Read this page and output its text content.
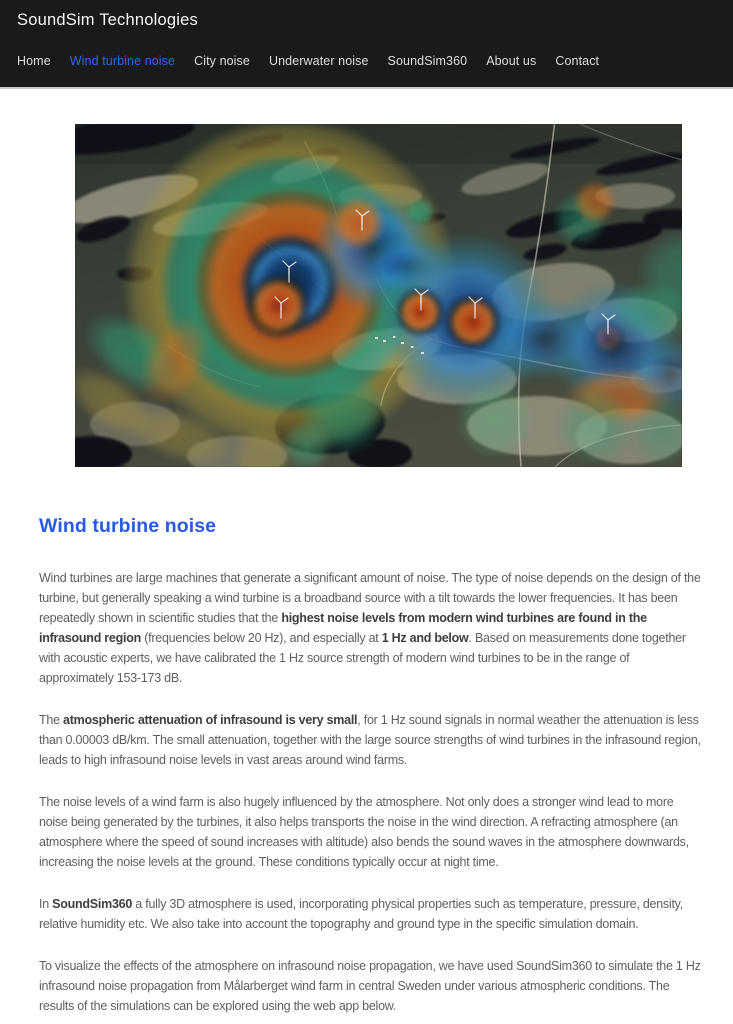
SoundSim Technologies
Home Wind turbine noise City noise Underwater noise SoundSim360 About us Contact
Wind turbine noise

Wind turbines are large machines that generate a significant amount of noise. The type of noise depends on the design of the turbine, but generally speaking a wind turbine is a broadband source with a tilt towards the lower frequencies. It has been repeatedly shown in scientific studies that the highest noise levels from modern wind turbines are found in the infrasound region (frequencies below 20 Hz), and especially at 1 Hz and below. Based on measurements done together with acoustic experts, we have calibrated the 1 Hz source strength of modern wind turbines to be in the range of approximately 153-173 dB.

The atmospheric attenuation of infrasound is very small, for 1 Hz sound signals in normal weather the attenuation is less than 0.00003 dB/km. The small attenuation, together with the large source strengths of wind turbines in the infrasound region, leads to high infrasound noise levels in vast areas around wind farms.

The noise levels of a wind farm is also hugely influenced by the atmosphere. Not only does a stronger wind lead to more noise being generated by the turbines, it also helps transports the noise in the wind direction. A refracting atmosphere (an atmosphere where the speed of sound increases with altitude) also bends the sound waves in the atmosphere downwards, increasing the noise levels at the ground. These conditions typically occur at night time.

In SoundSim360 a fully 3D atmosphere is used, incorporating physical properties such as temperature, pressure, density, relative humidity etc. We also take into account the topography and ground type in the specific simulation domain.

To visualize the effects of the atmosphere on infrasound noise propagation, we have used SoundSim360 to simulate the 1 Hz infrasound noise propagation from Målarberget wind farm in central Sweden under various atmospheric conditions. The results of the simulations can be explored using the web app below.
